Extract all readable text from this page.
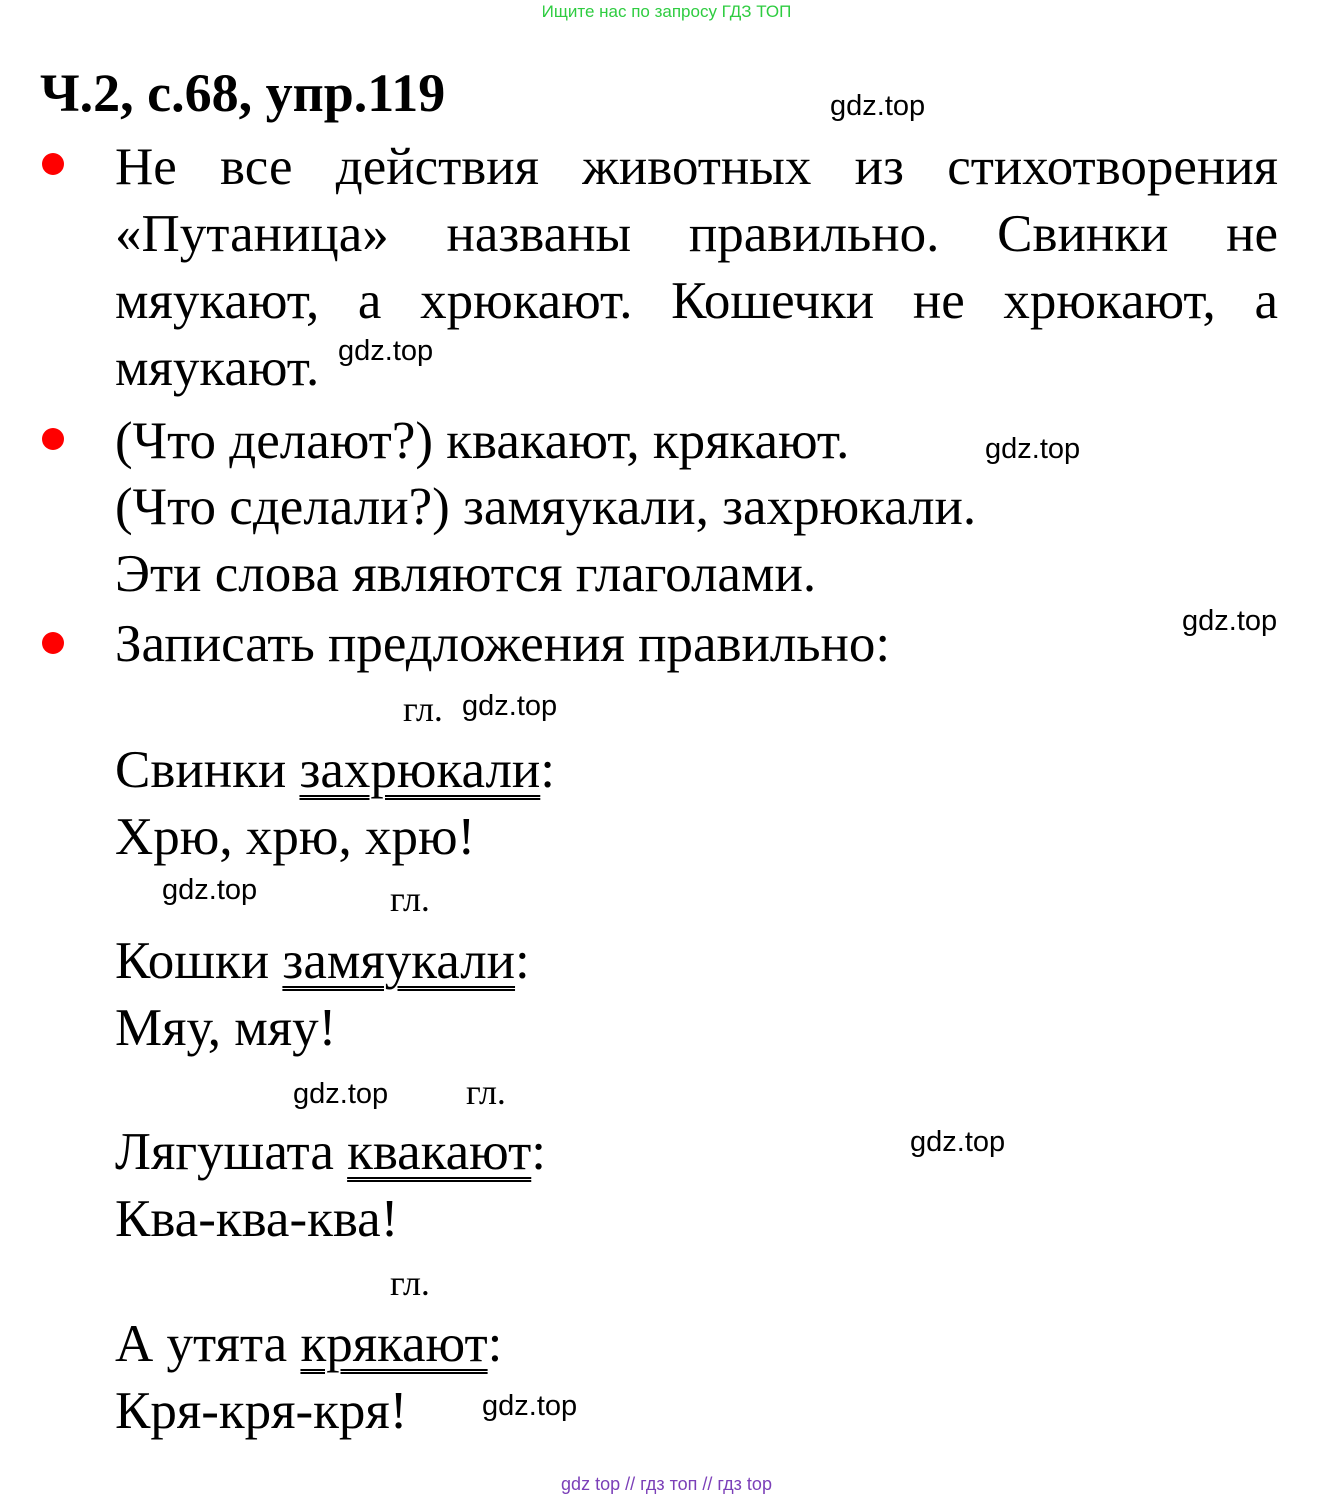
Ищите нас по запросу ГДЗ ТОП
Ч.2, с.68, упр.119	gdz.top
gdz.top
gdz.top
gdz.top
gdz.top
gdz.top
gdz.top
gdz.top
gdz.top
Не все действия животных из стихотворения «Путаница» названы правильно. Свинки не мяукают, а хрюкают. Кошечки не хрюкают, а мяукают.
(Что делают?) квакают, крякают.
(Что сделали?) замяукали, захрюкали.
Эти слова являются глаголами.
Записать предложения правильно:
гл.
гл.
гл.
гл.
Свинки захрюкали:
Хрю, хрю, хрю!
Кошки замяукали:
Мяу, мяу!
Лягушата квакают:
Ква-ква-ква!
А утята крякают:
Кря-кря-кря!
gdz top // гдз топ // гдз top
